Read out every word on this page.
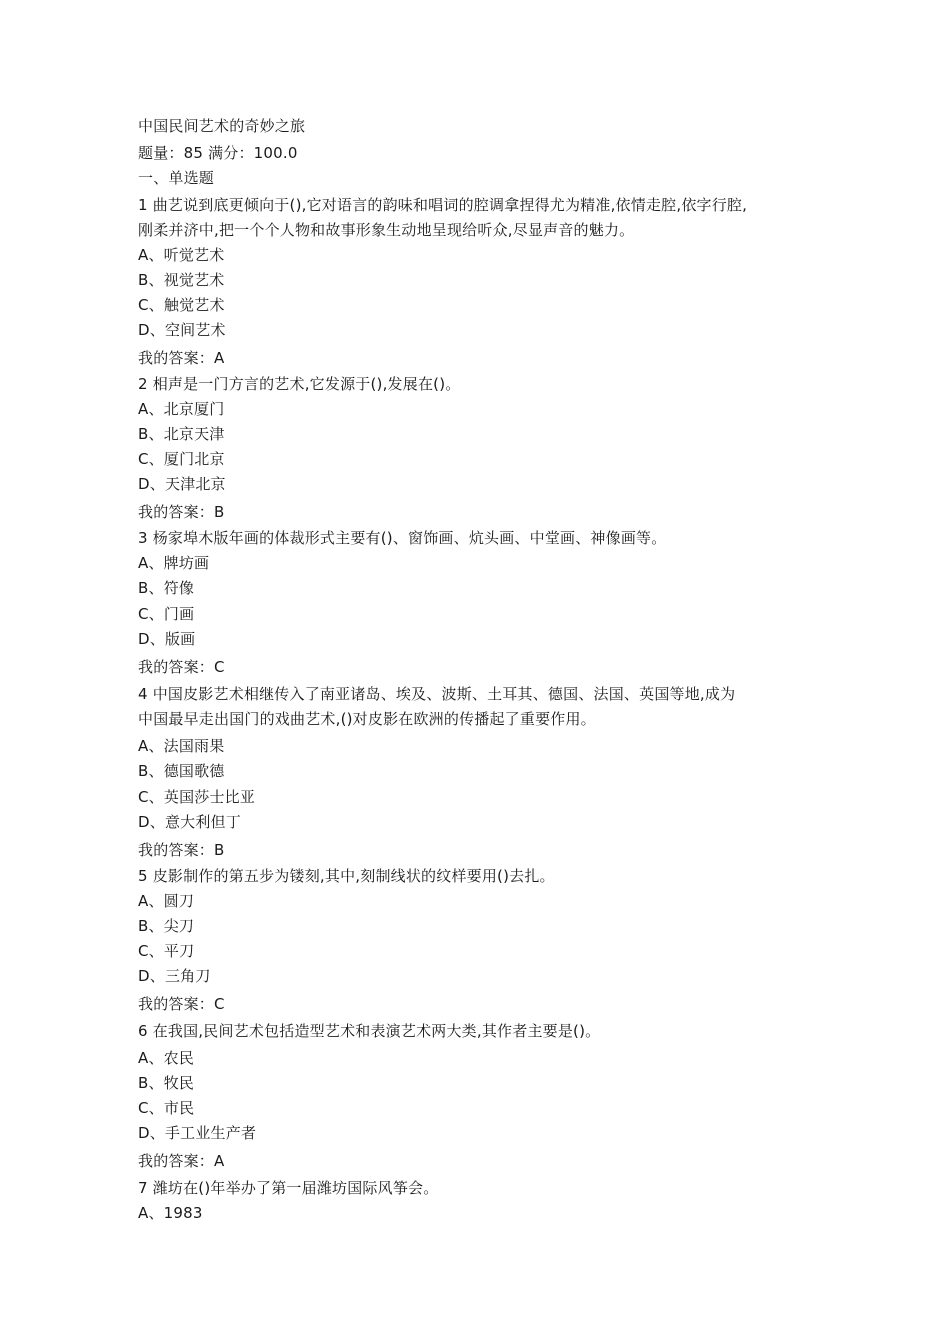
中国民间艺术的奇妙之旅
题量：85 满分：100.0
一、单选题
1 曲艺说到底更倾向于(),它对语言的韵味和唱词的腔调拿捏得尤为精准,依情走腔,依字行腔,
刚柔并济中,把一个个人物和故事形象生动地呈现给听众,尽显声音的魅力。
A、听觉艺术
B、视觉艺术
C、触觉艺术
D、空间艺术
我的答案：A
2 相声是一门方言的艺术,它发源于(),发展在()。
A、北京厦门
B、北京天津
C、厦门北京
D、天津北京
我的答案：B
3 杨家埠木版年画的体裁形式主要有()、窗饰画、炕头画、中堂画、神像画等。
A、牌坊画
B、符像
C、门画
D、版画
我的答案：C
4 中国皮影艺术相继传入了南亚诸岛、埃及、波斯、土耳其、德国、法国、英国等地,成为
中国最早走出国门的戏曲艺术,()对皮影在欧洲的传播起了重要作用。
A、法国雨果
B、德国歌德
C、英国莎士比亚
D、意大利但丁
我的答案：B
5 皮影制作的第五步为镂刻,其中,刻制线状的纹样要用()去扎。
A、圆刀
B、尖刀
C、平刀
D、三角刀
我的答案：C
6 在我国,民间艺术包括造型艺术和表演艺术两大类,其作者主要是()。
A、农民
B、牧民
C、市民
D、手工业生产者
我的答案：A
7 潍坊在()年举办了第一届潍坊国际风筝会。
A、1983
